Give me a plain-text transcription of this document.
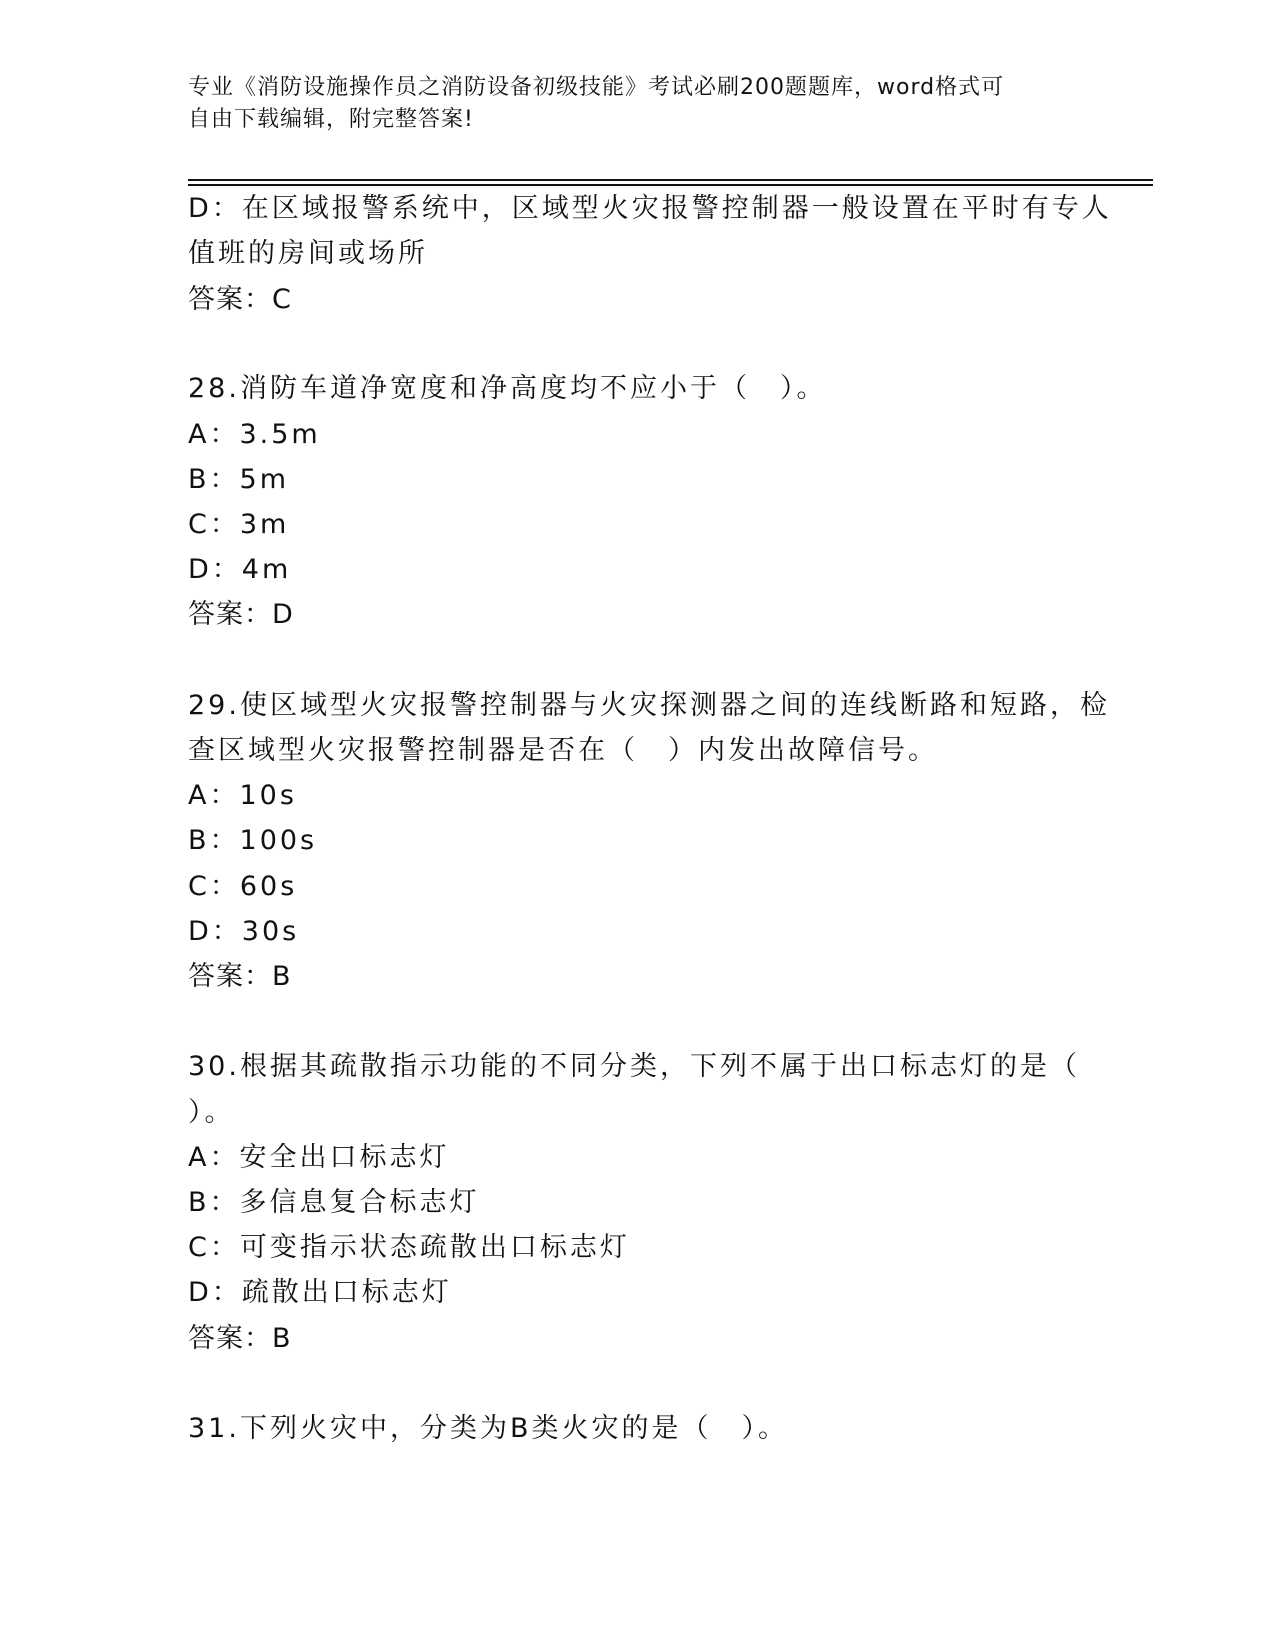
专业《消防设施操作员之消防设备初级技能》考试必刷200题题库，word格式可
自由下载编辑，附完整答案!
D：在区域报警系统中，区域型火灾报警控制器一般设置在平时有专人
值班的房间或场所
答案：C
28.消防车道净宽度和净高度均不应小于（　）。
A：3.5m
B：5m
C：3m
D：4m
答案：D
29.使区域型火灾报警控制器与火灾探测器之间的连线断路和短路，检
查区域型火灾报警控制器是否在（　）内发出故障信号。
A：10s
B：100s
C：60s
D：30s
答案：B
30.根据其疏散指示功能的不同分类，下列不属于出口标志灯的是（
）。
A：安全出口标志灯
B：多信息复合标志灯
C：可变指示状态疏散出口标志灯
D：疏散出口标志灯
答案：B
31.下列火灾中，分类为B类火灾的是（　）。
